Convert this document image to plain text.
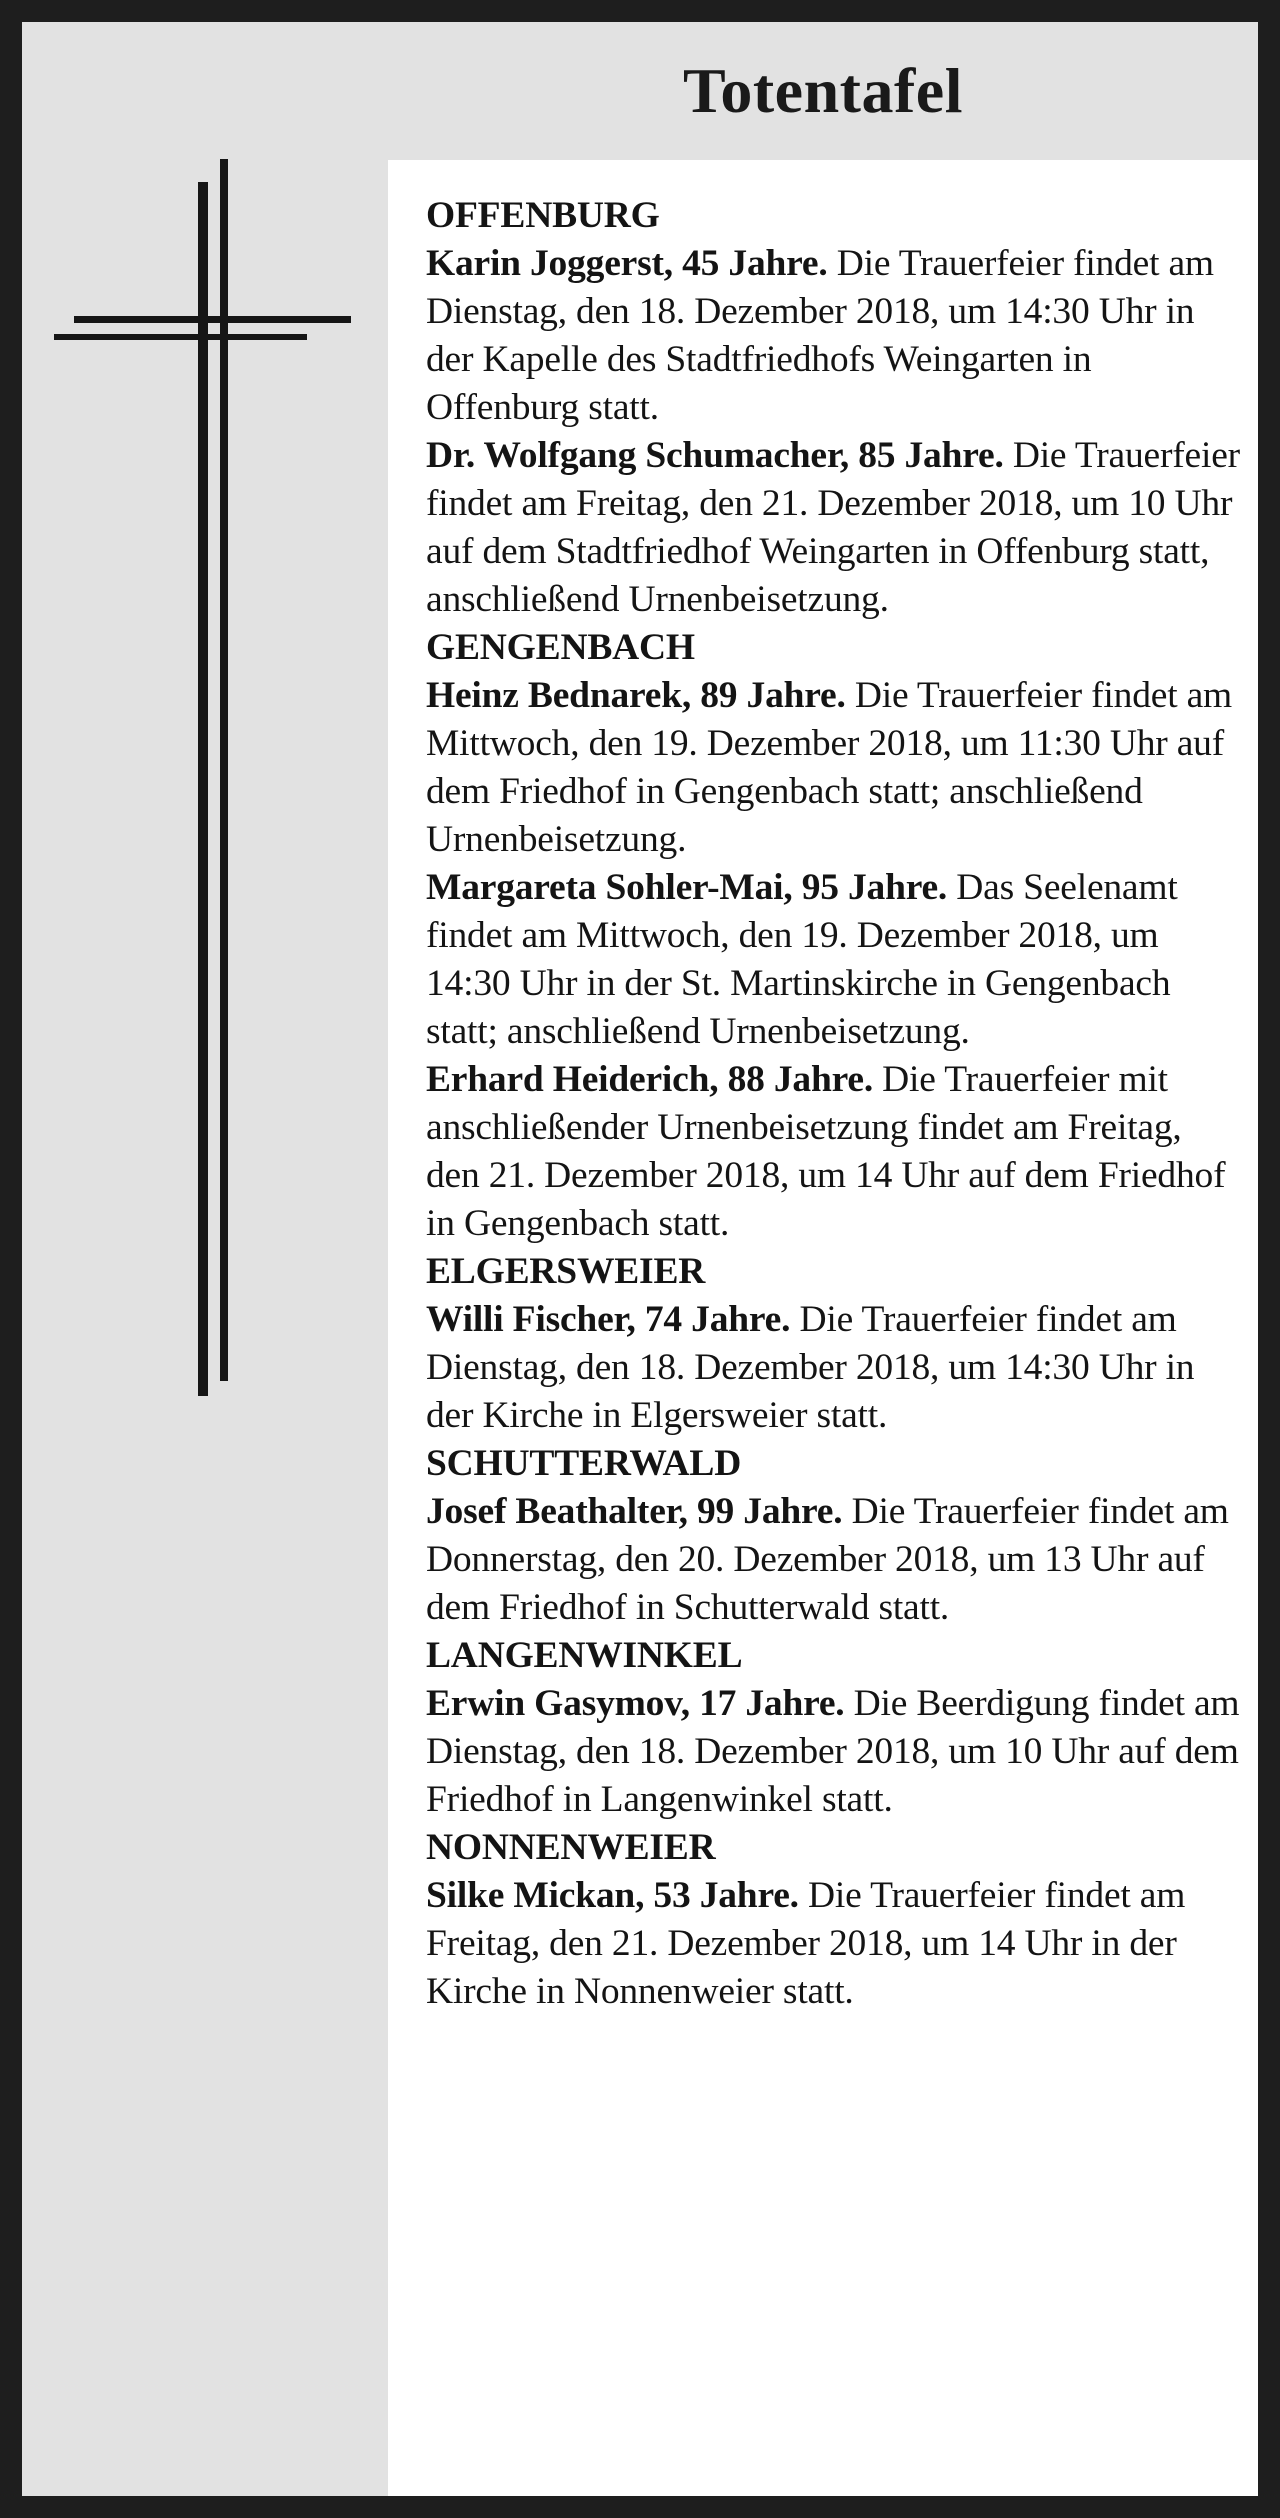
Totentafel
OFFENBURG

Karin Joggerst, 45 Jahre. Die Trauerfeier findet am Dienstag, den 18. Dezember 2018, um 14:30 Uhr in der Kapelle des Stadtfriedhofs Weingarten in Offenburg statt.

Dr. Wolfgang Schumacher, 85 Jahre. Die Trauerfeier findet am Freitag, den 21. Dezember 2018, um 10 Uhr auf dem Stadtfriedhof Weingarten in Offenburg statt, anschließend Urnenbeisetzung.

GENGENBACH

Heinz Bednarek, 89 Jahre. Die Trauerfeier findet am Mittwoch, den 19. Dezember 2018, um 11:30 Uhr auf dem Friedhof in Gengenbach statt; anschließend Urnenbeisetzung.

Margareta Sohler-Mai, 95 Jahre. Das Seelenamt findet am Mittwoch, den 19. Dezember 2018, um 14:30 Uhr in der St. Martinskirche in Gengenbach statt; anschließend Urnenbeisetzung.

Erhard Heiderich, 88 Jahre. Die Trauerfeier mit anschließender Urnenbeisetzung findet am Freitag, den 21. Dezember 2018, um 14 Uhr auf dem Friedhof in Gengenbach statt.

ELGERSWEIER

Willi Fischer, 74 Jahre. Die Trauerfeier findet am Dienstag, den 18. Dezember 2018, um 14:30 Uhr in der Kirche in Elgersweier statt.

SCHUTTERWALD

Josef Beathalter, 99 Jahre. Die Trauerfeier findet am Donnerstag, den 20. Dezember 2018, um 13 Uhr auf dem Friedhof in Schutterwald statt.

LANGENWINKEL

Erwin Gasymov, 17 Jahre. Die Beerdigung findet am Dienstag, den 18. Dezember 2018, um 10 Uhr auf dem Friedhof in Langenwinkel statt.

NONNENWEIER

Silke Mickan, 53 Jahre. Die Trauerfeier findet am Freitag, den 21. Dezember 2018, um 14 Uhr in der Kirche in Nonnenweier statt.
